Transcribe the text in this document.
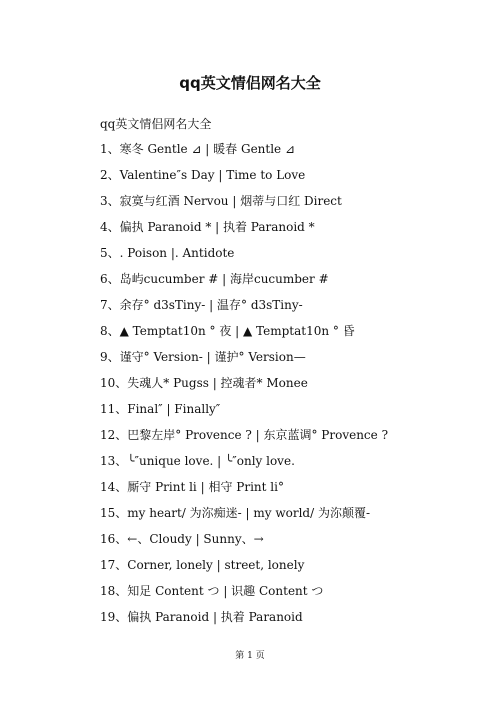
qq英文情侣网名大全
qq英文情侣网名大全
1、寒冬 Gentle ⊿ | 暖春 Gentle ⊿
2、Valentine″s Day | Time to Love
3、寂寞与红酒 Nervou | 烟蒂与口红 Direct
4、偏执 Paranoid * | 执着 Paranoid *
5、. Poison |. Antidote
6、岛屿cucumber # | 海岸cucumber #
7、余存° d3sTiny- | 温存° d3sTiny-
8、▲ Temptat10n ° 夜 | ▲ Temptat10n ° 昏
9、谨守° Version- | 谨护° Version—
10、失魂人* Pugss | 控魂者* Monee
11、Final″ | Finally″
12、巴黎左岸° Provence ? | 东京蓝调° Provence ?
13、╰″unique love. | ╰″only love.
14、厮守 Print li | 相守 Print li°
15、my heart/ 为沵痴迷- | my world/ 为沵颠覆-
16、←、Cloudy | Sunny、→
17、Corner, lonely | street, lonely
18、知足 Content つ | 识趣 Content つ
19、偏执 Paranoid | 执着 Paranoid
第 1 页
